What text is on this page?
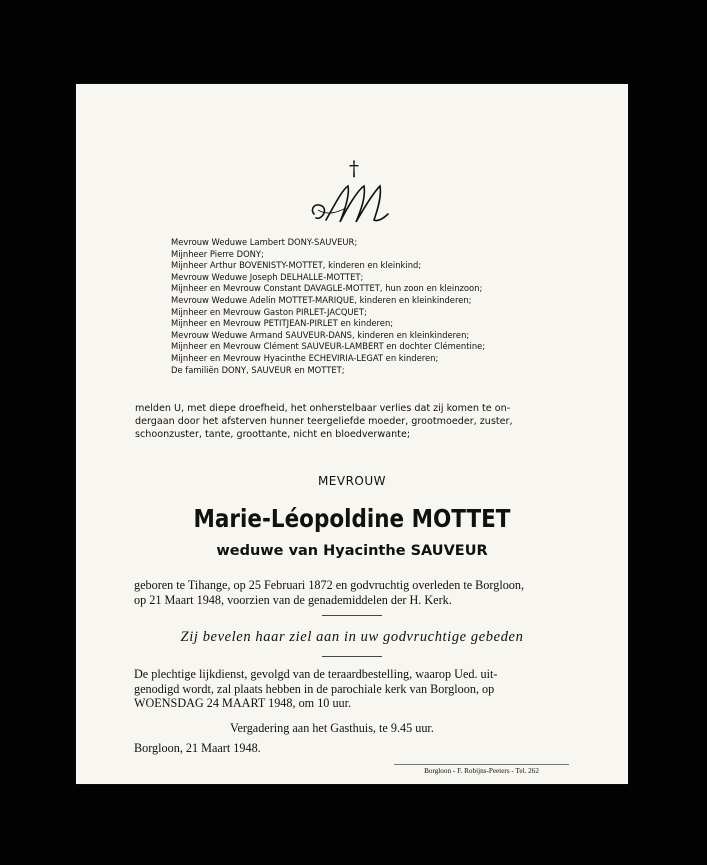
†
Mevrouw Weduwe Lambert DONY-SAUVEUR;
Mijnheer Pierre DONY;
Mijnheer Arthur BOVENISTY-MOTTET, kinderen en kleinkind;
Mevrouw Weduwe Joseph DELHALLE-MOTTET;
Mijnheer en Mevrouw Constant DAVAGLE-MOTTET, hun zoon en kleinzoon;
Mevrouw Weduwe Adelin MOTTET-MARIQUE, kinderen en kleinkinderen;
Mijnheer en Mevrouw Gaston PIRLET-JACQUET;
Mijnheer en Mevrouw PETITJEAN-PIRLET en kinderen;
Mevrouw Weduwe Armand SAUVEUR-DANS, kinderen en kleinkinderen;
Mijnheer en Mevrouw Clément SAUVEUR-LAMBERT en dochter Clémentine;
Mijnheer en Mevrouw Hyacinthe ECHEVIRIA-LEGAT en kinderen;
De familiën DONY, SAUVEUR en MOTTET;
melden U, met diepe droefheid, het onherstelbaar verlies dat zij komen te on-
dergaan door het afsterven hunner teergeliefde moeder, grootmoeder, zuster,
schoonzuster, tante, groottante, nicht en bloedverwante;
MEVROUW
Marie-Léopoldine MOTTET
weduwe van Hyacinthe SAUVEUR
geboren te Tihange, op 25 Februari 1872 en godvruchtig overleden te Borgloon,
op 21 Maart 1948, voorzien van de genademiddelen der H. Kerk.
Zij bevelen haar ziel aan in uw godvruchtige gebeden
De plechtige lijkdienst, gevolgd van de teraardbestelling, waarop Ued. uit-
genodigd wordt, zal plaats hebben in de parochiale kerk van Borgloon, op
WOENSDAG 24 MAART 1948, om 10 uur.
Vergadering aan het Gasthuis, te 9.45 uur.
Borgloon, 21 Maart 1948.
Borgloon - F. Robijns-Peeters - Tel. 262
